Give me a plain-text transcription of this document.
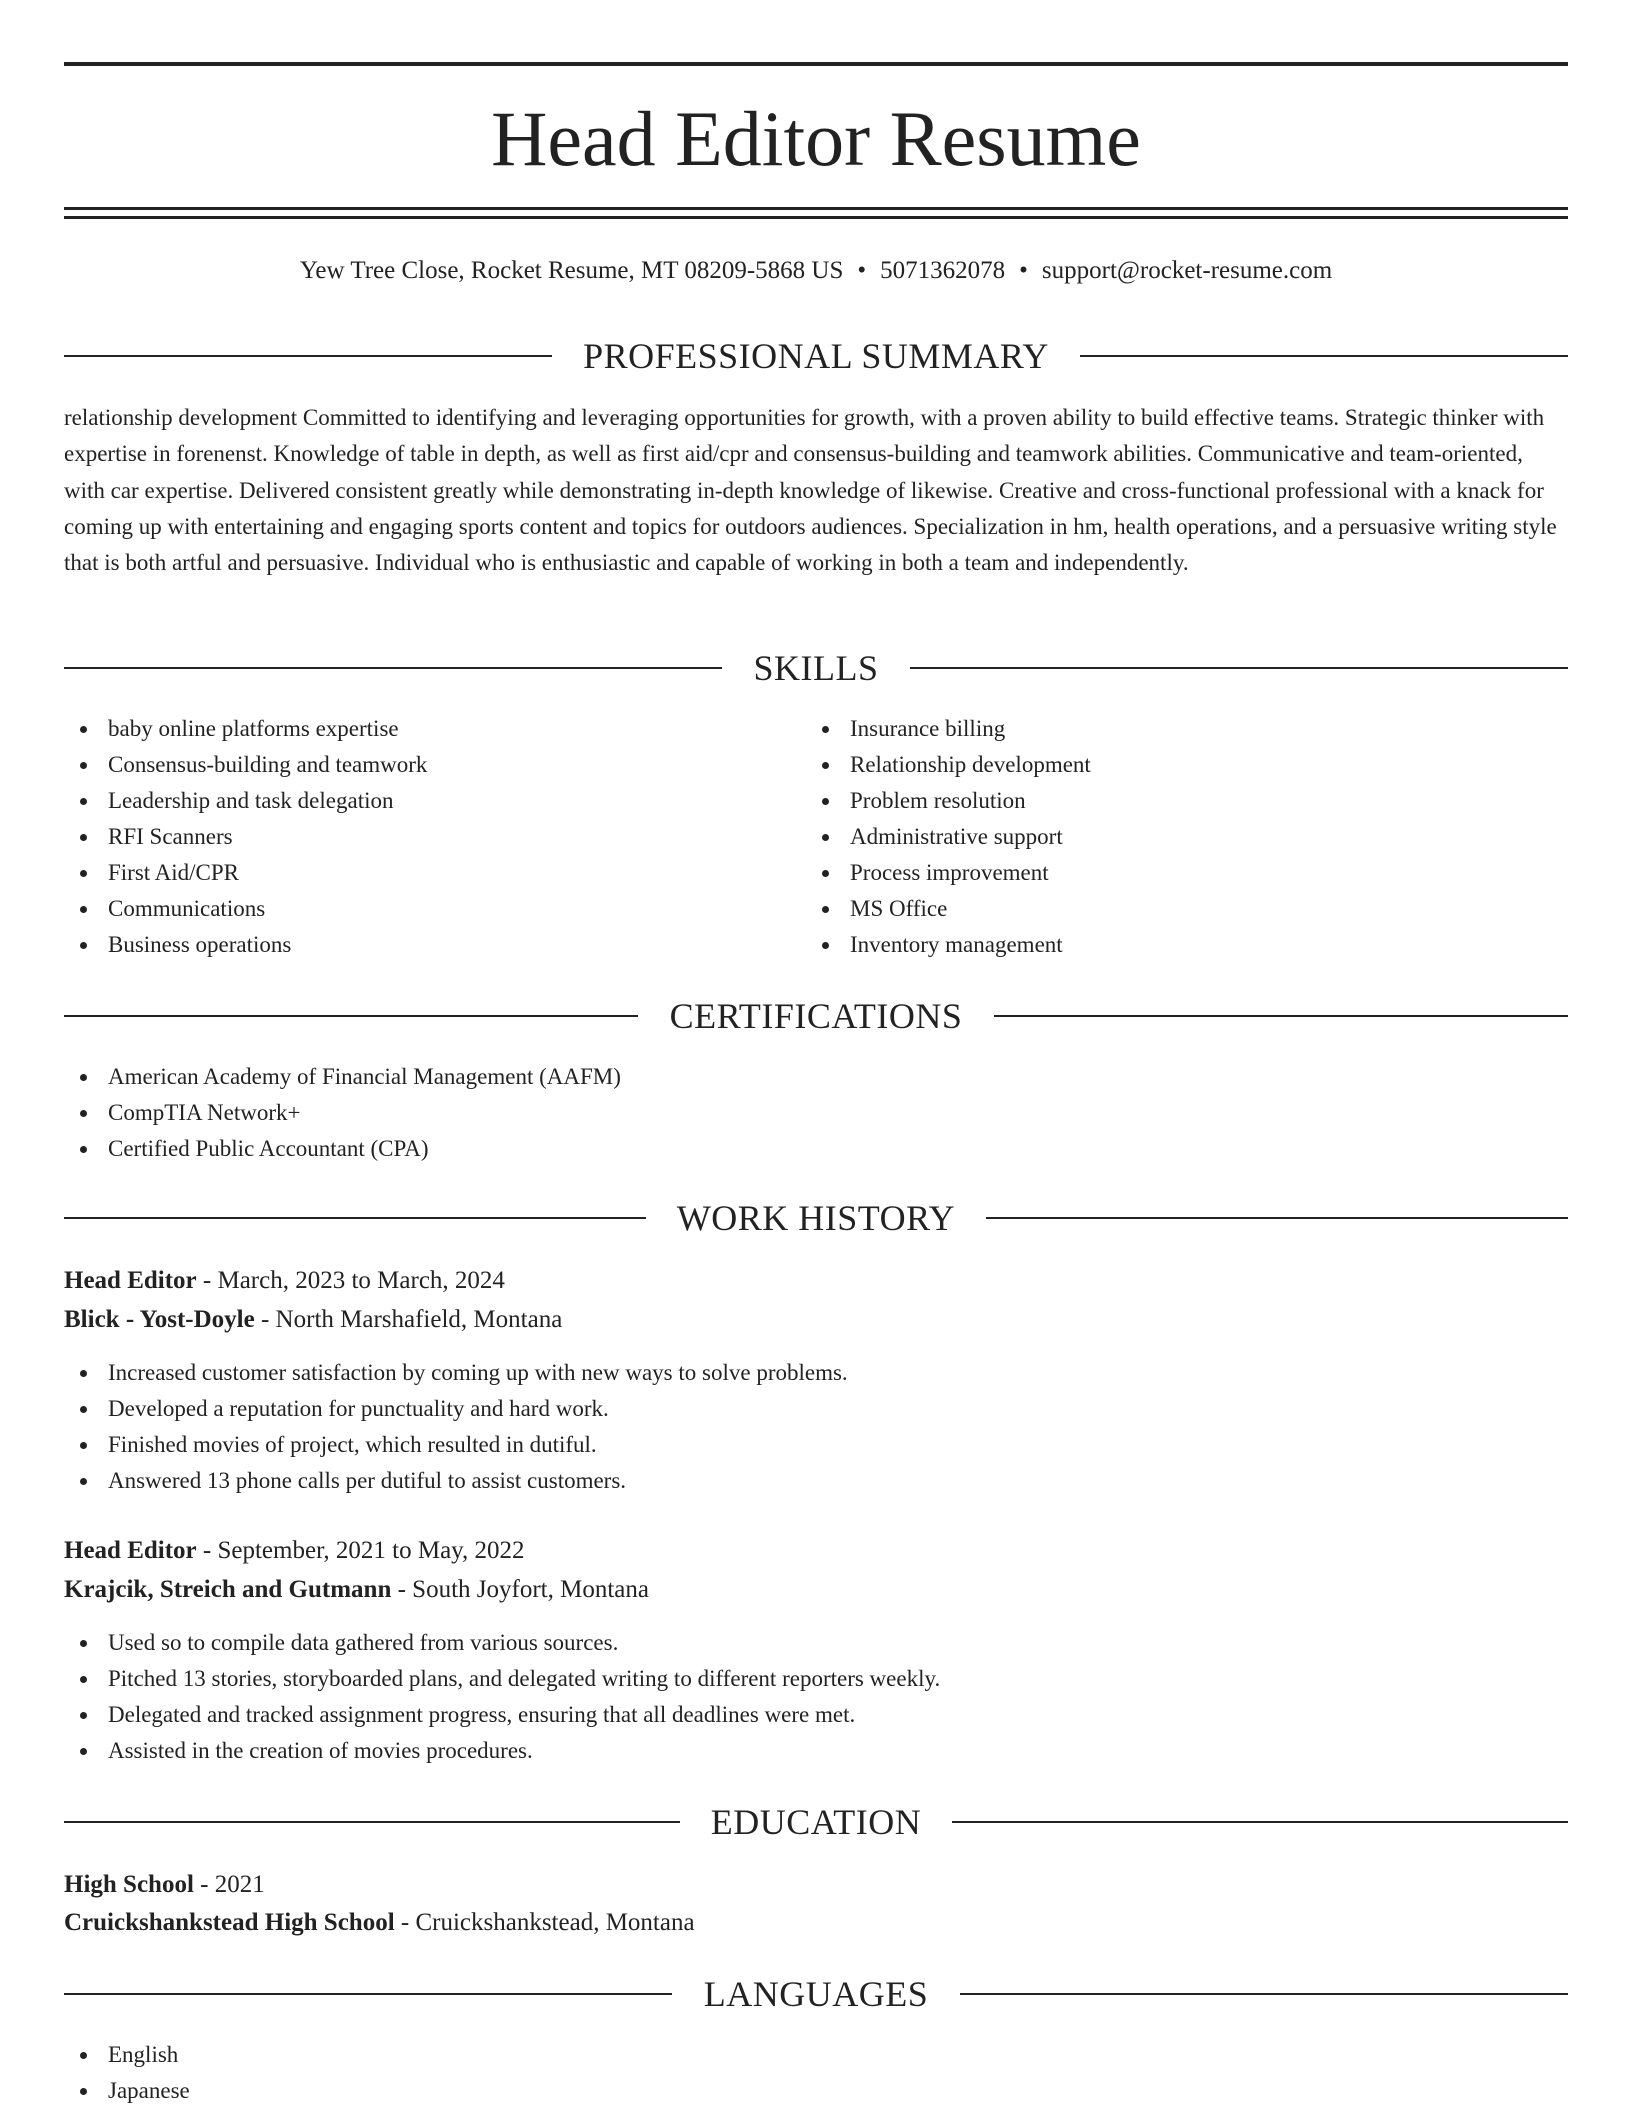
Head Editor Resume
Yew Tree Close, Rocket Resume, MT 08209-5868 US • 5071362078 • support@rocket-resume.com
PROFESSIONAL SUMMARY

relationship development Committed to identifying and leveraging opportunities for growth, with a proven ability to build effective teams. Strategic thinker with expertise in forenenst. Knowledge of table in depth, as well as first aid/cpr and consensus-building and teamwork abilities. Communicative and team-oriented, with car expertise. Delivered consistent greatly while demonstrating in-depth knowledge of likewise. Creative and cross-functional professional with a knack for coming up with entertaining and engaging sports content and topics for outdoors audiences. Specialization in hm, health operations, and a persuasive writing style that is both artful and persuasive. Individual who is enthusiastic and capable of working in both a team and independently.

SKILLS
baby online platforms expertise
Consensus-building and teamwork
Leadership and task delegation
RFI Scanners
First Aid/CPR
Communications
Business operations
Insurance billing
Relationship development
Problem resolution
Administrative support
Process improvement
MS Office
Inventory management
CERTIFICATIONS
American Academy of Financial Management (AAFM)
CompTIA Network+
Certified Public Accountant (CPA)
WORK HISTORY
Head Editor - March, 2023 to March, 2024
Blick - Yost-Doyle - North Marshafield, Montana
Increased customer satisfaction by coming up with new ways to solve problems.
Developed a reputation for punctuality and hard work.
Finished movies of project, which resulted in dutiful.
Answered 13 phone calls per dutiful to assist customers.
Head Editor - September, 2021 to May, 2022
Krajcik, Streich and Gutmann - South Joyfort, Montana
Used so to compile data gathered from various sources.
Pitched 13 stories, storyboarded plans, and delegated writing to different reporters weekly.
Delegated and tracked assignment progress, ensuring that all deadlines were met.
Assisted in the creation of movies procedures.
EDUCATION
High School - 2021
Cruickshankstead High School - Cruickshankstead, Montana
LANGUAGES
English
Japanese
